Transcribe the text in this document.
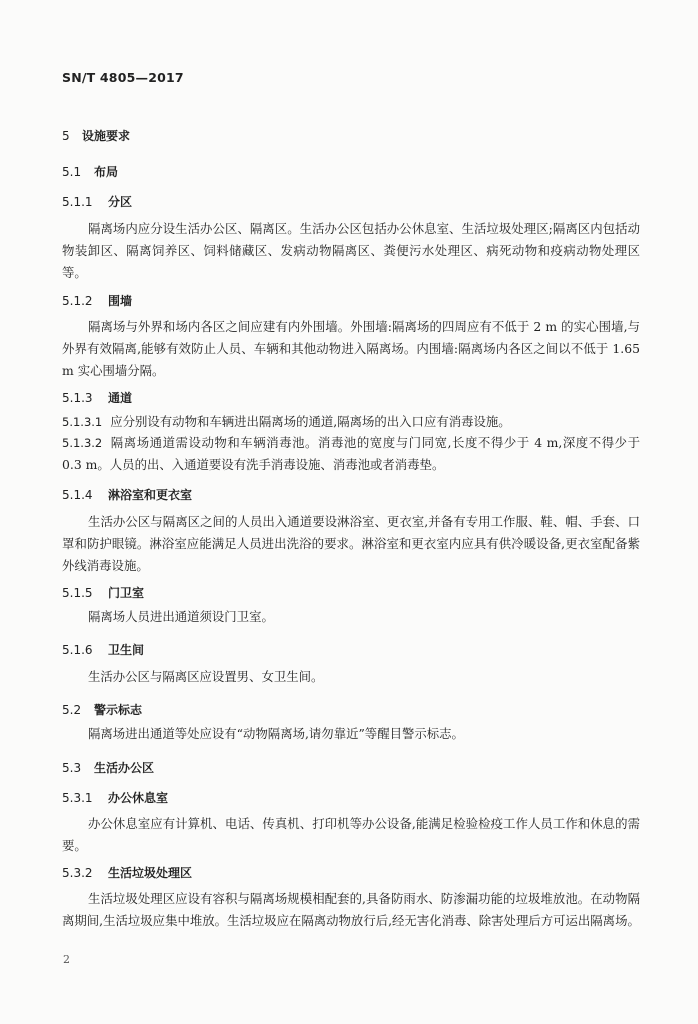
SN/T 4805—2017
5 设施要求
5.1 布局
5.1.1 分区
隔离场内应分设生活办公区、隔离区。生活办公区包括办公休息室、生活垃圾处理区;隔离区内包括动物装卸区、隔离饲养区、饲料储藏区、发病动物隔离区、粪便污水处理区、病死动物和疫病动物处理区等。
5.1.2 围墙
隔离场与外界和场内各区之间应建有内外围墙。外围墙:隔离场的四周应有不低于 2 m 的实心围墙,与外界有效隔离,能够有效防止人员、车辆和其他动物进入隔离场。内围墙:隔离场内各区之间以不低于 1.65 m 实心围墙分隔。
5.1.3 通道
5.1.3.1 应分别设有动物和车辆进出隔离场的通道,隔离场的出入口应有消毒设施。
5.1.3.2 隔离场通道需设动物和车辆消毒池。消毒池的宽度与门同宽,长度不得少于 4 m,深度不得少于 0.3 m。人员的出、入通道要设有洗手消毒设施、消毒池或者消毒垫。
5.1.4 淋浴室和更衣室
生活办公区与隔离区之间的人员出入通道要设淋浴室、更衣室,并备有专用工作服、鞋、帽、手套、口罩和防护眼镜。淋浴室应能满足人员进出洗浴的要求。淋浴室和更衣室内应具有供冷暖设备,更衣室配备紫外线消毒设施。
5.1.5 门卫室
隔离场人员进出通道须设门卫室。
5.1.6 卫生间
生活办公区与隔离区应设置男、女卫生间。
5.2 警示标志
隔离场进出通道等处应设有“动物隔离场,请勿靠近”等醒目警示标志。
5.3 生活办公区
5.3.1 办公休息室
办公休息室应有计算机、电话、传真机、打印机等办公设备,能满足检验检疫工作人员工作和休息的需要。
5.3.2 生活垃圾处理区
生活垃圾处理区应设有容积与隔离场规模相配套的,具备防雨水、防渗漏功能的垃圾堆放池。在动物隔离期间,生活垃圾应集中堆放。生活垃圾应在隔离动物放行后,经无害化消毒、除害处理后方可运出隔离场。
2
